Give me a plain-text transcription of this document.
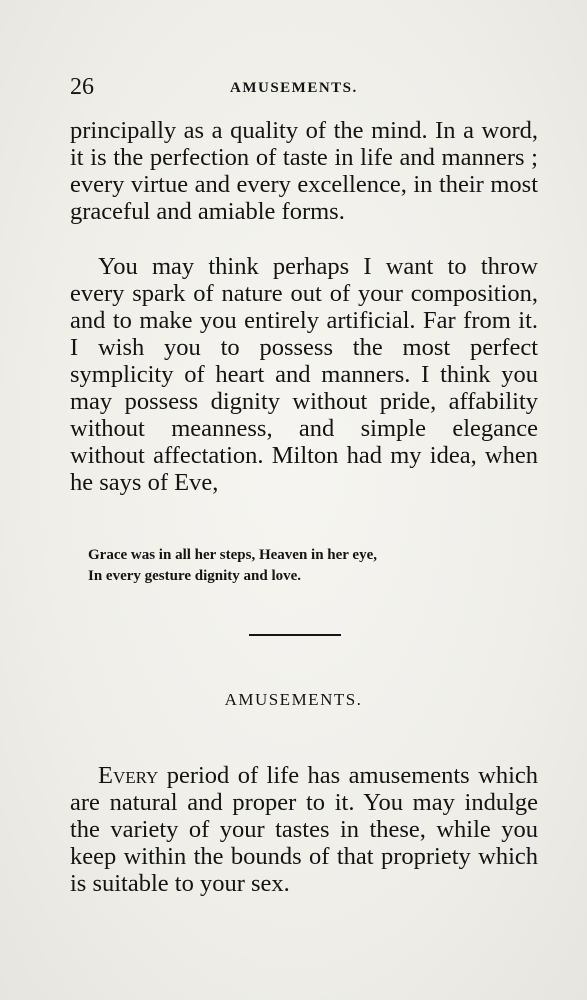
26	AMUSEMENTS.

principally as a quality of the mind. In a word, it is the perfection of taste in life and manners ; every virtue and every excellence, in their most graceful and amiable forms.

You may think perhaps I want to throw every spark of nature out of your composition, and to make you entirely artificial. Far from it. I wish you to possess the most perfect symplicity of heart and manners. I think you may possess dignity without pride, affability without meanness, and simple elegance without affectation. Milton had my idea, when he says of Eve,

Grace was in all her steps, Heaven in her eye,
In every gesture dignity and love.
AMUSEMENTS.

Every period of life has amusements which are natural and proper to it. You may indulge the variety of your tastes in these, while you keep within the bounds of that propriety which is suitable to your sex.
